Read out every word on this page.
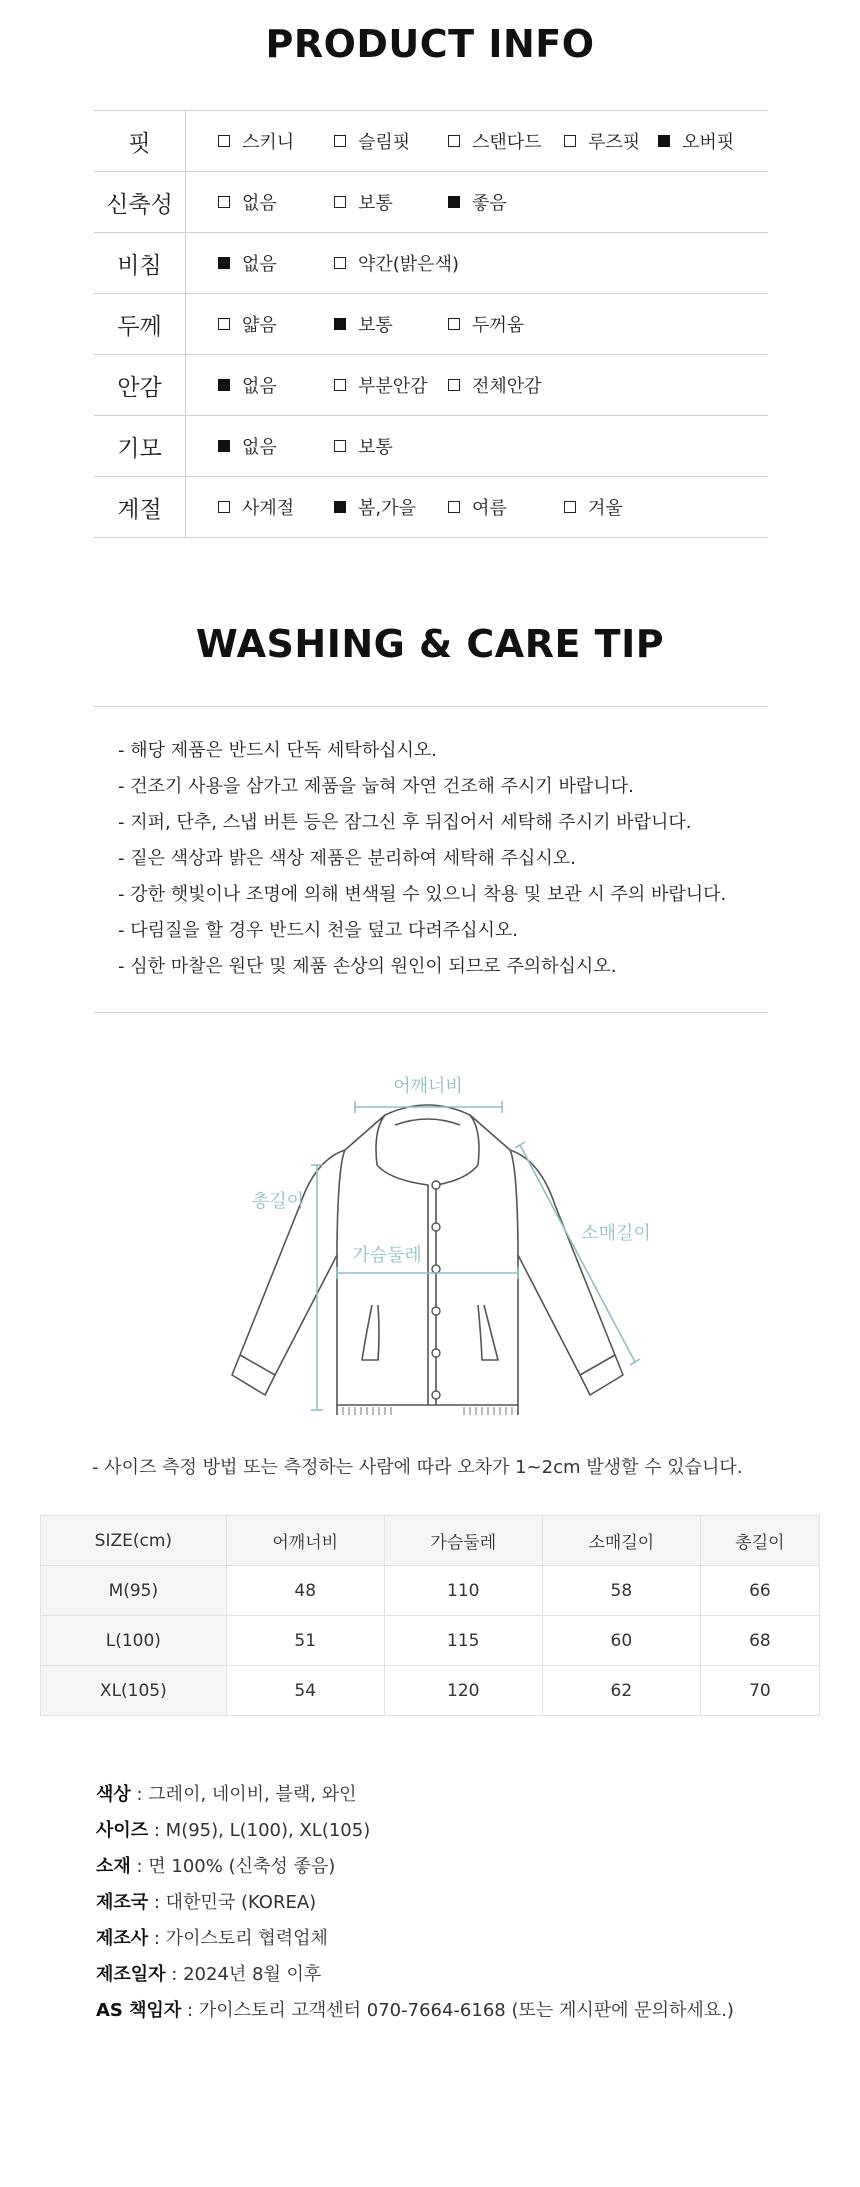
PRODUCT INFO
핏	스키니	슬림핏	스탠다드	루즈핏 오버핏
신축성	없음	보통	좋음
비침	없음	약간(밝은색)
두께	얇음	보통	두꺼움
안감	없음	부분안감 전체안감
기모	없음	보통
계절	사계절	봄,가을	여름	겨울
WASHING & CARE TIP
- 해당 제품은 반드시 단독 세탁하십시오.
- 건조기 사용을 삼가고 제품을 눕혀 자연 건조해 주시기 바랍니다.
- 지퍼, 단추, 스냅 버튼 등은 잠그신 후 뒤집어서 세탁해 주시기 바랍니다.
- 짙은 색상과 밝은 색상 제품은 분리하여 세탁해 주십시오.
- 강한 햇빛이나 조명에 의해 변색될 수 있으니 착용 및 보관 시 주의 바랍니다.
- 다림질을 할 경우 반드시 천을 덮고 다려주십시오.
- 심한 마찰은 원단 및 제품 손상의 원인이 되므로 주의하십시오.
어깨너비
총길이
가슴둘레
소매길이
- 사이즈 측정 방법 또는 측정하는 사람에 따라 오차가 1~2cm 발생할 수 있습니다.
SIZE(cm)	어깨너비	가슴둘레	소매길이	총길이
M(95)	48	110	58	66
L(100)	51	115	60	68
XL(105)	54	120	62	70
색상 : 그레이, 네이비, 블랙, 와인
사이즈 : M(95), L(100), XL(105)
소재 : 면 100% (신축성 좋음)
제조국 : 대한민국 (KOREA)
제조사 : 가이스토리 협력업체
제조일자 : 2024년 8월 이후
AS 책임자 : 가이스토리 고객센터 070-7664-6168 (또는 게시판에 문의하세요.)
